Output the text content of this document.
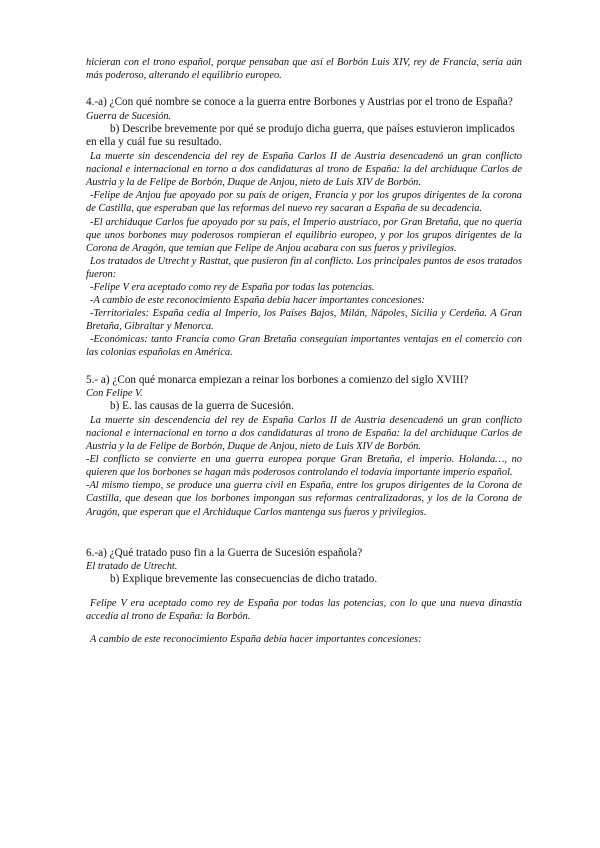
hicieran con el trono español, porque pensaban que así el Borbón Luis XIV, rey de Francia, sería aún más poderoso, alterando el equilibrio europeo.

4.-a) ¿Con qué nombre se conoce a la guerra entre Borbones y Austrias por el trono de España?

Guerra de Sucesión.

b) Describe brevemente por qué se produjo dicha guerra, que países estuvieron implicados en ella y cuál fue su resultado.

La muerte sin descendencia del rey de España Carlos II de Austria desencadenó un gran conflicto nacional e internacional en torno a dos candidaturas al trono de España: la del archiduque Carlos de Austria y la de Felipe de Borbón, Duque de Anjou, nieto de Luis XIV de Borbón.

-Felipe de Anjou fue apoyado por su país de origen, Francia y por los grupos dirigentes de la corona de Castilla, que esperaban que las reformas del nuevo rey sacaran a España de su decadencia.

-El archiduque Carlos fue apoyado por su país, el Imperio austriaco, por Gran Bretaña, que no quería que unos borbones muy poderosos rompieran el equilibrio europeo, y por los grupos dirigentes de la Corona de Aragón, que temían que Felipe de Anjou acabara con sus fueros y privilegios.

Los tratados de Utrecht y Rasttat, que pusieron fin al conflicto. Los principales puntos de esos tratados fueron:

-Felipe V era aceptado como rey de España por todas las potencias.

-A cambio de este reconocimiento España debía hacer importantes concesiones:

-Territoriales: España cedía al Imperio, los Países Bajos, Milán, Nápoles, Sicilia y Cerdeña. A Gran Bretaña, Gibraltar y Menorca.

-Económicas: tanto Francia como Gran Bretaña conseguían importantes ventajas en el comercio con las colonias españolas en América.

5.- a) ¿Con qué monarca empiezan a reinar los borbones a comienzo del siglo XVIII?

Con Felipe V.

b) E. las causas de la guerra de Sucesión.

La muerte sin descendencia del rey de España Carlos II de Austria desencadenó un gran conflicto nacional e internacional en torno a dos candidaturas al trono de España: la del archiduque Carlos de Austria y la de Felipe de Borbón, Duque de Anjou, nieto de Luis XIV de Borbón.

-El conflicto se convierte en una guerra europea porque Gran Bretaña, el imperio. Holanda…, no quieren que los borbones se hagan más poderosos controlando el todavía importante imperio español.

-Al mismo tiempo, se produce una guerra civil en España, entre los grupos dirigentes de la Corona de Castilla, que desean que los borbones impongan sus reformas centralizadoras, y los de la Corona de Aragón, que esperan que el Archiduque Carlos mantenga sus fueros y privilegios.

6.-a) ¿Qué tratado puso fin a la Guerra de Sucesión española?

El tratado de Utrecht.

b) Explique brevemente las consecuencias de dicho tratado.

Felipe V era aceptado como rey de España por todas las potencias, con lo que una nueva dinastía accedía al trono de España: la Borbón.

A cambio de este reconocimiento España debía hacer importantes concesiones:
